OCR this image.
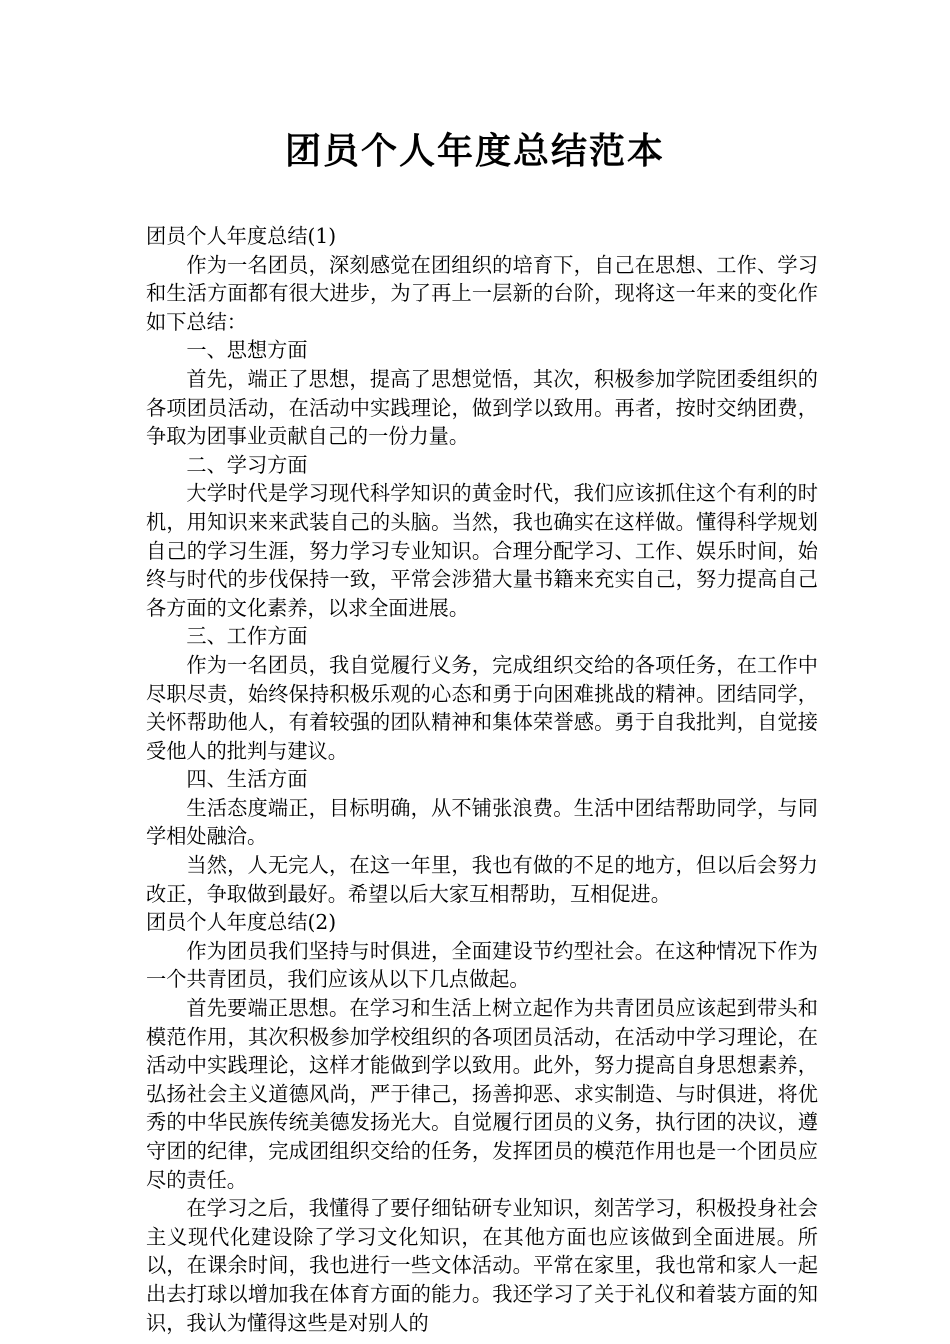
团员个人年度总结范本

团员个人年度总结(1)

作为一名团员，深刻感觉在团组织的培育下，自己在思想、工作、学习和生活方面都有很大进步，为了再上一层新的台阶，现将这一年来的变化作如下总结：

一、思想方面

首先，端正了思想，提高了思想觉悟，其次，积极参加学院团委组织的各项团员活动，在活动中实践理论，做到学以致用。再者，按时交纳团费，争取为团事业贡献自己的一份力量。

二、学习方面

大学时代是学习现代科学知识的黄金时代，我们应该抓住这个有利的时机，用知识来来武装自己的头脑。当然，我也确实在这样做。懂得科学规划自己的学习生涯，努力学习专业知识。合理分配学习、工作、娱乐时间，始终与时代的步伐保持一致，平常会涉猎大量书籍来充实自己，努力提高自己各方面的文化素养，以求全面进展。

三、工作方面

作为一名团员，我自觉履行义务，完成组织交给的各项任务，在工作中尽职尽责，始终保持积极乐观的心态和勇于向困难挑战的精神。团结同学，关怀帮助他人，有着较强的团队精神和集体荣誉感。勇于自我批判，自觉接受他人的批判与建议。

四、生活方面

生活态度端正，目标明确，从不铺张浪费。生活中团结帮助同学，与同学相处融洽。

当然，人无完人，在这一年里，我也有做的不足的地方，但以后会努力改正，争取做到最好。希望以后大家互相帮助，互相促进。

团员个人年度总结(2)

作为团员我们坚持与时俱进，全面建设节约型社会。在这种情况下作为一个共青团员，我们应该从以下几点做起。

首先要端正思想。在学习和生活上树立起作为共青团员应该起到带头和模范作用，其次积极参加学校组织的各项团员活动，在活动中学习理论，在活动中实践理论，这样才能做到学以致用。此外，努力提高自身思想素养，弘扬社会主义道德风尚，严于律己，扬善抑恶、求实制造、与时俱进，将优秀的中华民族传统美德发扬光大。自觉履行团员的义务，执行团的决议，遵守团的纪律，完成团组织交给的任务，发挥团员的模范作用也是一个团员应尽的责任。

在学习之后，我懂得了要仔细钻研专业知识，刻苦学习，积极投身社会主义现代化建设除了学习文化知识，在其他方面也应该做到全面进展。所以，在课余时间，我也进行一些文体活动。平常在家里，我也常和家人一起出去打球以增加我在体育方面的能力。我还学习了关于礼仪和着装方面的知识，我认为懂得这些是对别人的
